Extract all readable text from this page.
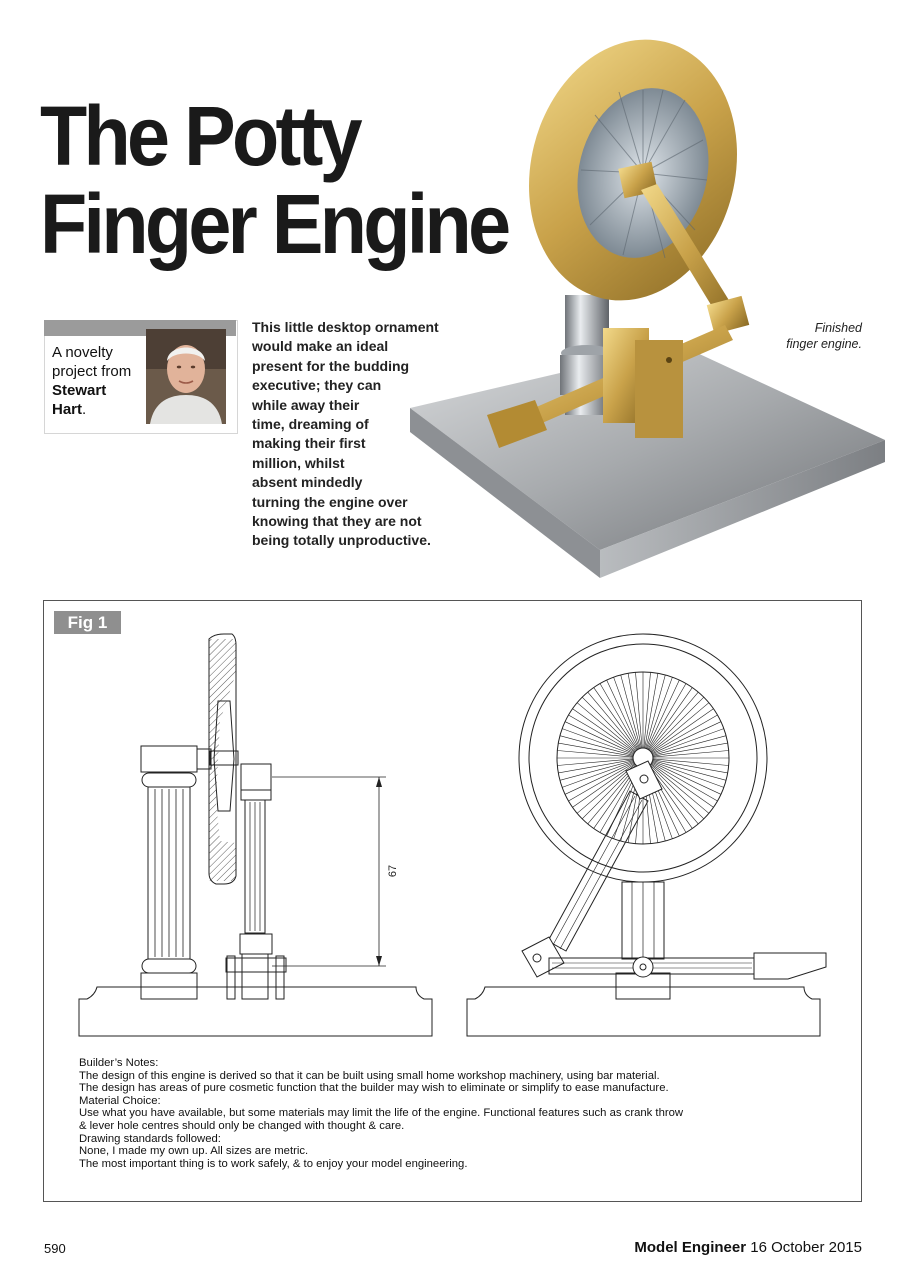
The Potty
Finger Engine
A novelty project from Stewart Hart.
This little desktop ornament
would make an ideal
present for the budding
executive; they can
while away their
time, dreaming of
making their first
million, whilst
absent mindedly
turning the engine over
knowing that they are not
being totally unproductive.
Finished
finger engine.
Fig 1
67
Builder’s Notes:
The design of this engine is derived so that it can be built using small home workshop machinery, using bar material.
The design has areas of pure cosmetic function that the builder may wish to eliminate or simplify to ease manufacture.
Material Choice:
Use what you have available, but some materials may limit the life of the engine. Functional features such as crank throw
& lever hole centres should only be changed with thought & care.
Drawing standards followed:
None, I made my own up. All sizes are metric.
The most important thing is to work safely, & to enjoy your model engineering.
590	Model Engineer 16 October 2015
